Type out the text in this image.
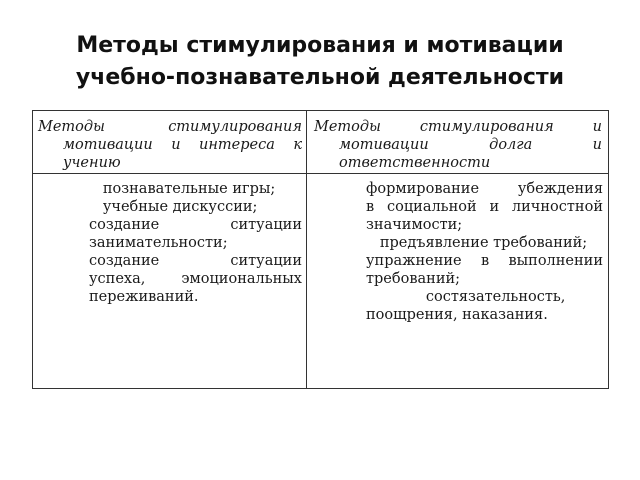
Методы стимулирования и мотивации
учебно-познавательной деятельности
Методы стимулирования
мотивации и интереса к
учению
Методы стимулирования и
мотивации долга и
ответственности
познавательные игры;
учебные дискуссии;
создание ситуации
занимательности;
создание ситуации
успеха, эмоциональных
переживаний.
формирование убеждения
в социальной и личностной
значимости;
предъявление требований;
упражнение в выполнении
требований;
состязательность,
поощрения, наказания.
